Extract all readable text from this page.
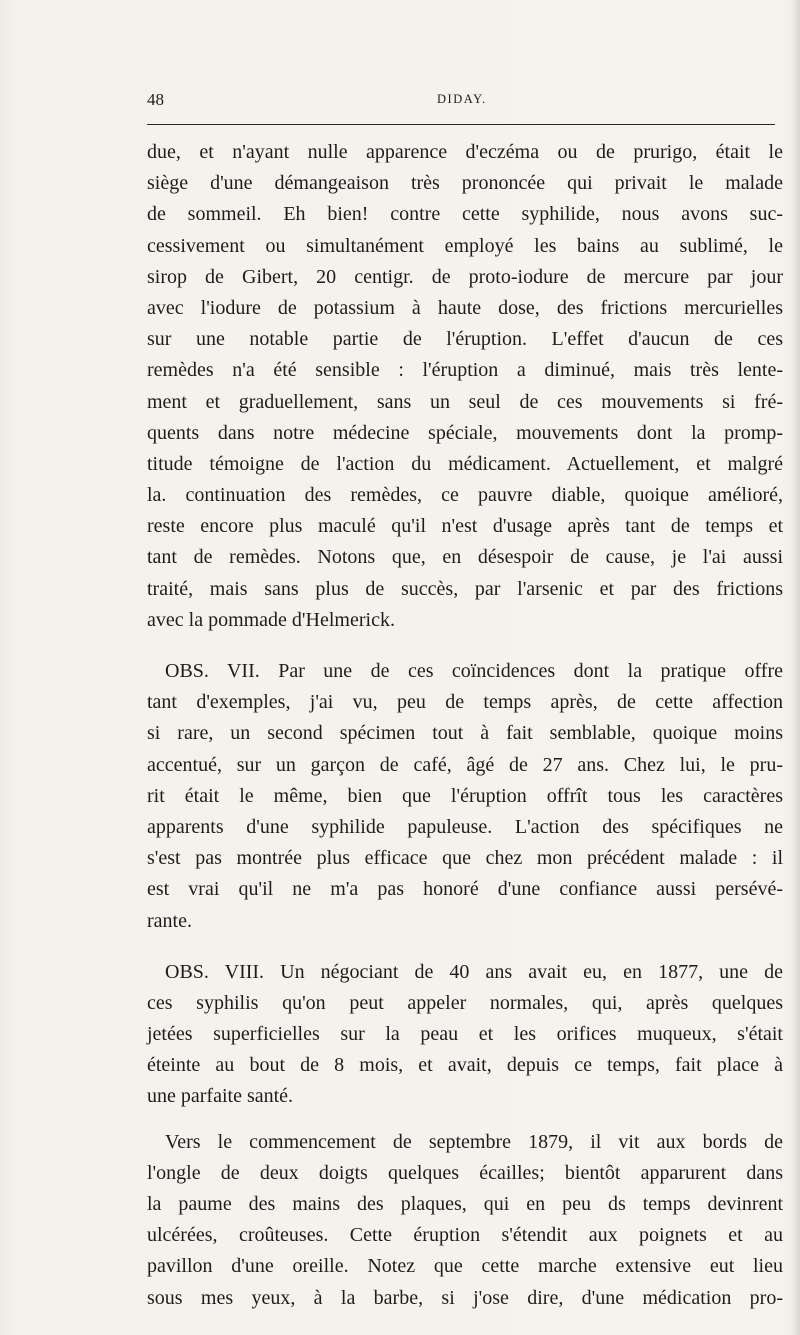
48	DIDAY.
due, et n'ayant nulle apparence d'eczéma ou de prurigo, était le
siège d'une démangeaison très prononcée qui privait le malade
de sommeil. Eh bien! contre cette syphilide, nous avons suc-
cessivement ou simultanément employé les bains au sublimé, le
sirop de Gibert, 20 centigr. de proto-iodure de mercure par jour
avec l'iodure de potassium à haute dose, des frictions mercurielles
sur une notable partie de l'éruption. L'effet d'aucun de ces
remèdes n'a été sensible : l'éruption a diminué, mais très lente-
ment et graduellement, sans un seul de ces mouvements si fré-
quents dans notre médecine spéciale, mouvements dont la promp-
titude témoigne de l'action du médicament. Actuellement, et malgré
la. continuation des remèdes, ce pauvre diable, quoique amélioré,
reste encore plus maculé qu'il n'est d'usage après tant de temps et
tant de remèdes. Notons que, en désespoir de cause, je l'ai aussi
traité, mais sans plus de succès, par l'arsenic et par des frictions
avec la pommade d'Helmerick.
OBS. VII. Par une de ces coïncidences dont la pratique offre
tant d'exemples, j'ai vu, peu de temps après, de cette affection
si rare, un second spécimen tout à fait semblable, quoique moins
accentué, sur un garçon de café, âgé de 27 ans. Chez lui, le pru-
rit était le même, bien que l'éruption offrît tous les caractères
apparents d'une syphilide papuleuse. L'action des spécifiques ne
s'est pas montrée plus efficace que chez mon précédent malade : il
est vrai qu'il ne m'a pas honoré d'une confiance aussi persévé-
rante.
OBS. VIII. Un négociant de 40 ans avait eu, en 1877, une de
ces syphilis qu'on peut appeler normales, qui, après quelques
jetées superficielles sur la peau et les orifices muqueux, s'était
éteinte au bout de 8 mois, et avait, depuis ce temps, fait place à
une parfaite santé.
Vers le commencement de septembre 1879, il vit aux bords de
l'ongle de deux doigts quelques écailles; bientôt apparurent dans
la paume des mains des plaques, qui en peu ds temps devinrent
ulcérées, croûteuses. Cette éruption s'étendit aux poignets et au
pavillon d'une oreille. Notez que cette marche extensive eut lieu
sous mes yeux, à la barbe, si j'ose dire, d'une médication pro-
